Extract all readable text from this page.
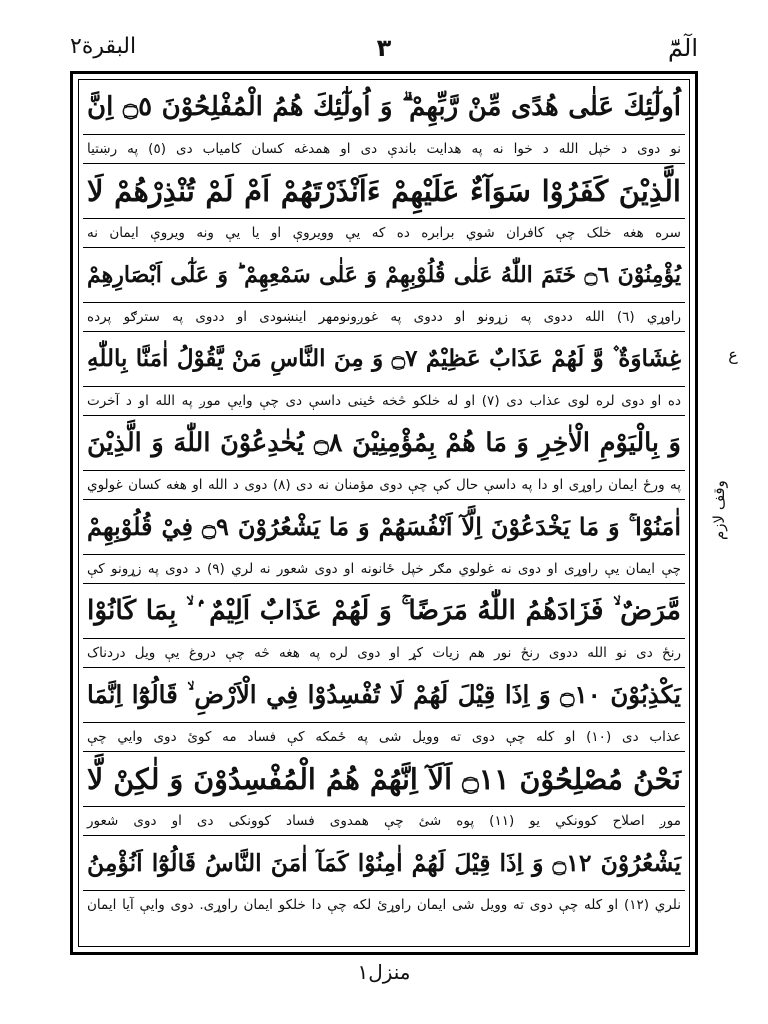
البقرة٢	٣	الٓمّٓ
اُولٰٓئِكَ عَلٰى هُدًى مِّنْ رَّبِّهِمْ ۗ وَ اُولٰٓئِكَ هُمُ الْمُفْلِحُوْنَ ۝٥ اِنَّ
نو دوی د خپل الله د خوا نه په هدايت باندې دی او همدغه کسان کامياب دی (٥) په رښتيا
الَّذِيْنَ كَفَرُوْا سَوَآءٌ عَلَيْهِمْ ءَاَنْذَرْتَهُمْ اَمْ لَمْ تُنْذِرْهُمْ لَا
سره هغه خلک چې کافران شوي برابره ده که يې وويروې او يا يې ونه ويروې ايمان نه
يُؤْمِنُوْنَ ۝٦ خَتَمَ اللّٰهُ عَلٰى قُلُوْبِهِمْ وَ عَلٰى سَمْعِهِمْ ؕ وَ عَلٰٓى اَبْصَارِهِمْ
راوړي (٦) الله ددوی په زړونو او ددوی په غوږونومهر اينښودی او ددوی په سترګو پرده
غِشَاوَةٌ ۫ وَّ لَهُمْ عَذَابٌ عَظِيْمٌ ۝٧ وَ مِنَ النَّاسِ مَنْ يَّقُوْلُ اٰمَنَّا بِاللّٰهِ
ده او دوی لره لوی عذاب دی (٧) او له خلکو څخه ځينی داسې دی چې وايې موږ په الله او د آخرت
وَ بِالْيَوْمِ الْاٰخِرِ وَ مَا هُمْ بِمُؤْمِنِيْنَ ۝٨ يُخٰدِعُوْنَ اللّٰهَ وَ الَّذِيْنَ
په ورځ ايمان راوړی او دا په داسې حال کې چې دوی مؤمنان نه دی (٨) دوی د الله او هغه کسان غولوي
اٰمَنُوْا ۚ وَ مَا يَخْدَعُوْنَ اِلَّآ اَنْفُسَهُمْ وَ مَا يَشْعُرُوْنَ ۝٩ فِيْ قُلُوْبِهِمْ
چې ايمان يې راوړی او دوی نه غولوي مګر خپل ځانونه او دوی شعور نه لري (٩) د دوی په زړونو کې
مَّرَضٌ ۙ فَزَادَهُمُ اللّٰهُ مَرَضًا ۚ وَ لَهُمْ عَذَابٌ اَلِيْمٌ ۢ ۙ بِمَا كَانُوْا
رنځ دی نو الله ددوی رنځ نور هم زيات کړ او دوی لره په هغه څه چې دروغ يې ويل دردناک
يَكْذِبُوْنَ ۝١٠ وَ اِذَا قِيْلَ لَهُمْ لَا تُفْسِدُوْا فِي الْاَرْضِ ۙ قَالُوْٓا اِنَّمَا
عذاب دی (١٠) او کله چې دوی ته وويل شی په ځمکه کې فساد مه کوئ دوی وايي چې
نَحْنُ مُصْلِحُوْنَ ۝١١ اَلَآ اِنَّهُمْ هُمُ الْمُفْسِدُوْنَ وَ لٰكِنْ لَّا
موږ اصلاح کوونکي يو (١١) پوه شئ چې همدوی فساد کوونکی دی او دوی شعور
يَشْعُرُوْنَ ۝١٢ وَ اِذَا قِيْلَ لَهُمْ اٰمِنُوْا كَمَآ اٰمَنَ النَّاسُ قَالُوْٓا اَنُؤْمِنُ
نلري (١٢) او کله چې دوی ته وويل شی ايمان راوړئ لکه چې دا خلکو ايمان راوړی. دوی وايې آيا ايمان
ع
وقف لازم
منزل١
